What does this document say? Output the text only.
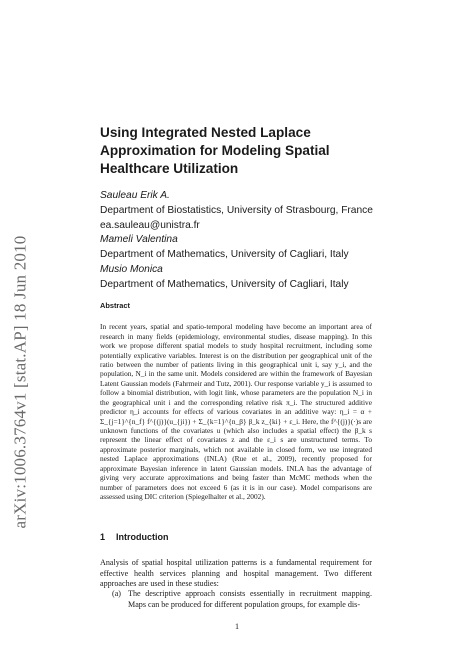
arXiv:1006.3764v1 [stat.AP] 18 Jun 2010
Using Integrated Nested Laplace Approximation for Modeling Spatial Healthcare Utilization
Sauleau Erik A.
Department of Biostatistics, University of Strasbourg, France
ea.sauleau@unistra.fr
Mameli Valentina
Department of Mathematics, University of Cagliari, Italy
Musio Monica
Department of Mathematics, University of Cagliari, Italy
Abstract

In recent years, spatial and spatio-temporal modeling have become an important area of research in many fields (epidemiology, environmental studies, disease mapping). In this work we propose different spatial models to study hospital recruitment, including some potentially explicative variables. Interest is on the distribution per geographical unit of the ratio between the number of patients living in this geographical unit i, say y_i, and the population, N_i in the same unit. Models considered are within the framework of Bayesian Latent Gaussian models (Fahrmeir and Tutz, 2001). Our response variable y_i is assumed to follow a binomial distribution, with logit link, whose parameters are the population N_i in the geographical unit i and the corresponding relative risk π_i. The structured additive predictor η_i accounts for effects of various covariates in an additive way: η_i = α + Σ_{j=1}^{n_f} f^{(j)}(u_{ji}) + Σ_{k=1}^{n_β} β_k z_{ki} + ε_i. Here, the f^{(j)}(·)s are unknown functions of the covariates u (which also includes a spatial effect) the β_k s represent the linear effect of covariates z and the ε_i s are unstructured terms. To approximate posterior marginals, which not available in closed form, we use integrated nested Laplace approximations (INLA) (Rue et al., 2009), recently proposed for approximate Bayesian inference in latent Gaussian models. INLA has the advantage of giving very accurate approximations and being faster than McMC methods when the number of parameters does not exceed 6 (as it is in our case). Model comparisons are assessed using DIC criterion (Spiegelhalter et al., 2002).

1 Introduction

Analysis of spatial hospital utilization patterns is a fundamental requirement for effective health services planning and hospital management. Two different approaches are used in these studies:

(a) The descriptive approach consists essentially in recruitment mapping. Maps can be produced for different population groups, for example dis-
1
